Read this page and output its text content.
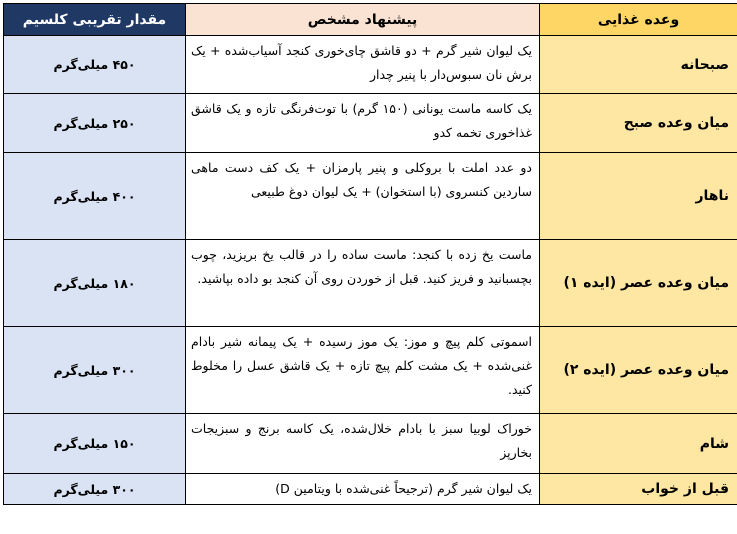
وعده غذایی	پیشنهاد مشخص	مقدار تقریبی کلسیم
صبحانه	یک لیوان شیر گرم + دو قاشق چای‌خوری کنجد آسیاب‌شده + یک برش نان سبوس‌دار با پنیر چدار	۴۵۰ میلی‌گرم
میان وعده صبح	یک کاسه ماست یونانی (۱۵۰ گرم) با توت‌فرنگی تازه و یک قاشق غذاخوری تخمه کدو	۲۵۰ میلی‌گرم
ناهار	دو عدد املت با بروکلی و پنیر پارمزان + یک کف دست ماهی ساردین کنسروی (با استخوان) + یک لیوان دوغ طبیعی	۴۰۰ میلی‌گرم
میان وعده عصر (ایده ۱)	ماست یخ زده با کنجد: ماست ساده را در قالب یخ بریزید، چوب بچسبانید و فریز کنید. قبل از خوردن روی آن کنجد بو داده بپاشید.	۱۸۰ میلی‌گرم
میان وعده عصر (ایده ۲)	اسموتی کلم پیچ و موز: یک موز رسیده + یک پیمانه شیر بادام غنی‌شده + یک مشت کلم پیچ تازه + یک قاشق عسل را مخلوط کنید.	۳۰۰ میلی‌گرم
شام	خوراک لوبیا سبز با بادام خلال‌شده، یک کاسه برنج و سبزیجات بخارپز	۱۵۰ میلی‌گرم
قبل از خواب	یک لیوان شیر گرم (ترجیحاً غنی‌شده با ویتامین D)	۳۰۰ میلی‌گرم
